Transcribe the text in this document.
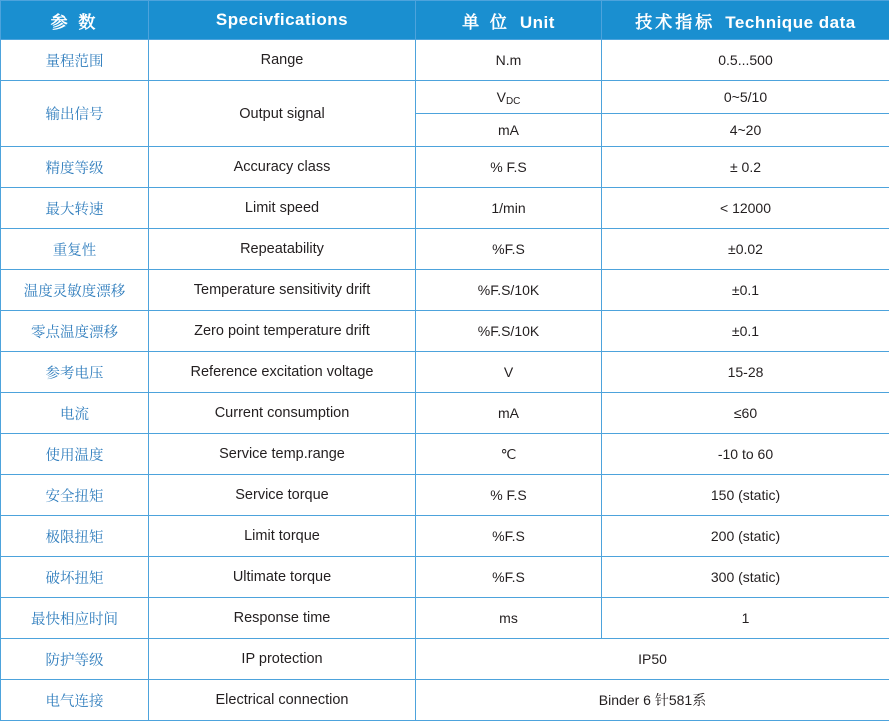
参 数	Specivfications	单 位 Unit	技术指标 Technique data
量程范围	Range	N.m	0.5...500
输出信号	Output signal	$V_{DC}$	0~5/10
		mA	4~20
精度等级	Accuracy class	% F.S	± 0.2
最大转速	Limit speed	1/min	< 12000
重复性	Repeatability	%F.S	±0.02
温度灵敏度漂移	Temperature sensitivity drift	%F.S/10K	±0.1
零点温度漂移	Zero point temperature drift	%F.S/10K	±0.1
参考电压	Reference excitation voltage	V	15-28
电流	Current consumption	mA	≤60
使用温度	Service temp.range	℃	-10 to 60
安全扭矩	Service torque	% F.S	150 (static)
极限扭矩	Limit torque	%F.S	200 (static)
破坏扭矩	Ultimate torque	%F.S	300 (static)
最快相应时间	Response time	ms	1
防护等级	IP protection	IP50	
电气连接	Electrical connection	Binder 6 针581系	
